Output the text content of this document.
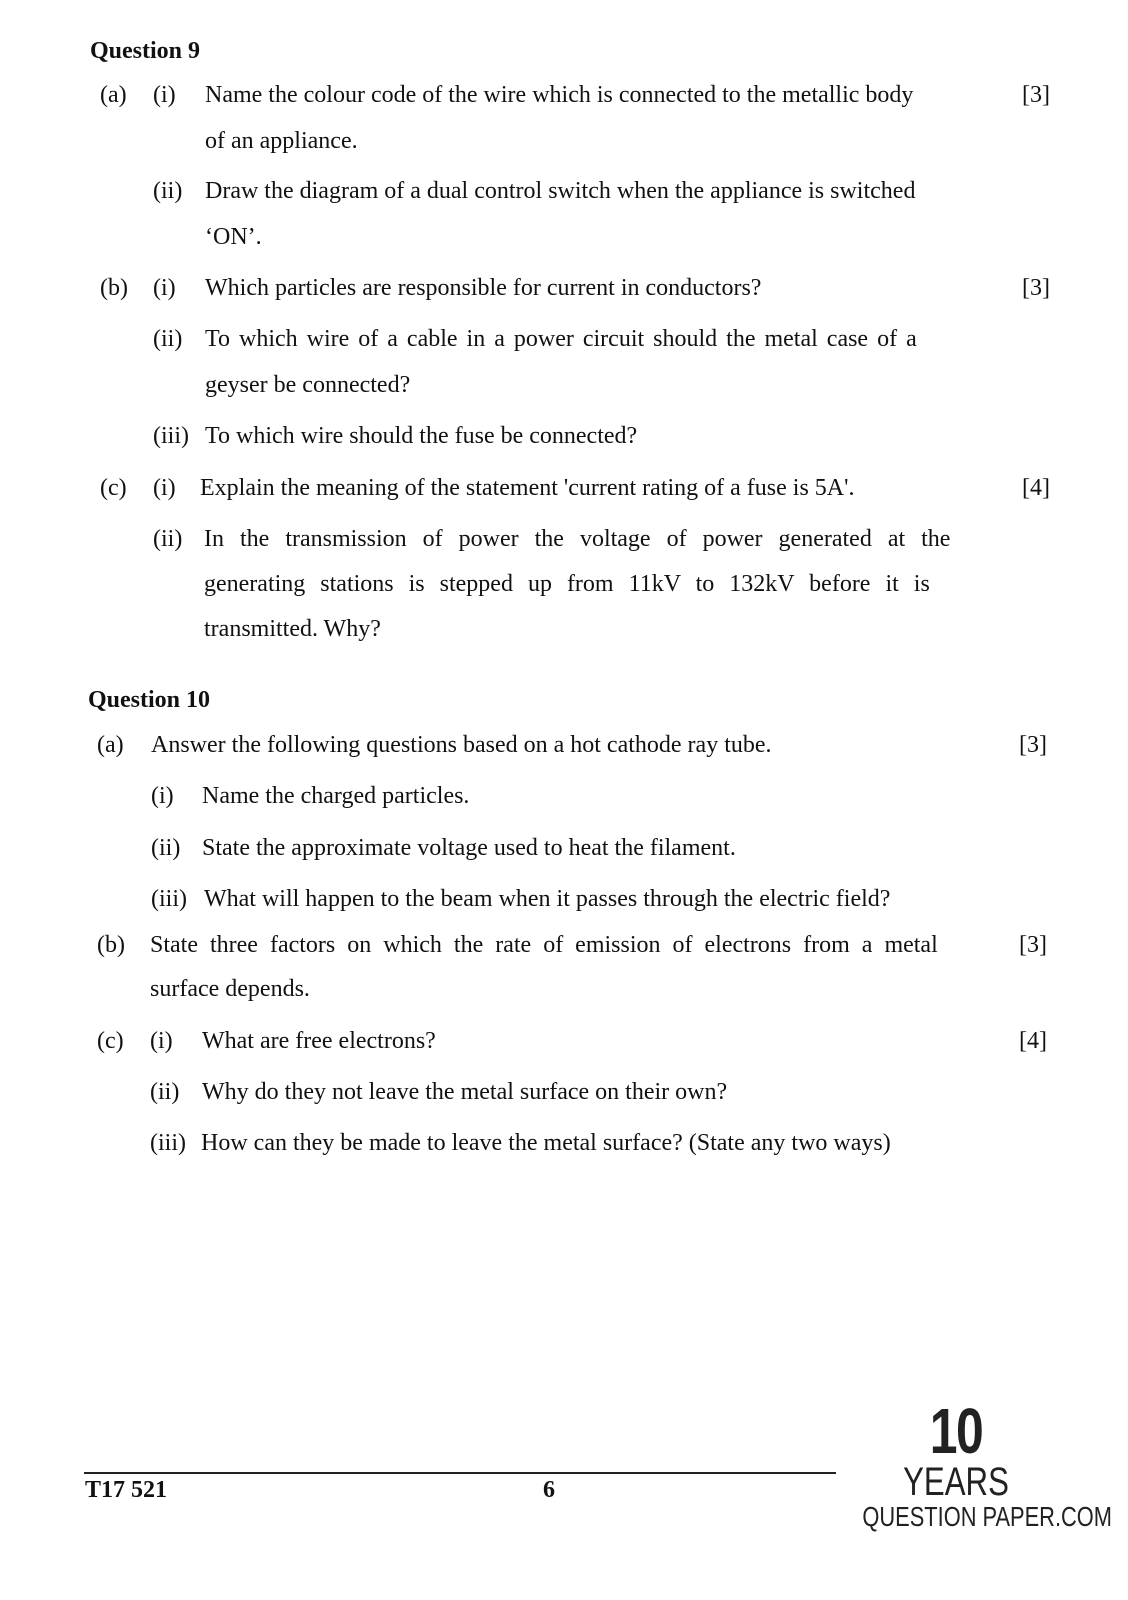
Question 9
(a) (i) Name the colour code of the wire which is connected to the metallic body	[3]
of an appliance.
(ii) Draw the diagram of a dual control switch when the appliance is switched
‘ON’.
(b) (i) Which particles are responsible for current in conductors?	[3]
(ii) To which wire of a cable in a power circuit should the metal case of a
geyser be connected?
(iii) To which wire should the fuse be connected?
(c) (i) Explain the meaning of the statement 'current rating of a fuse is 5A'.	[4]
(ii) In the transmission of power the voltage of power generated at the
generating stations is stepped up from 11kV to 132kV before it is
transmitted. Why?
Question 10
(a) Answer the following questions based on a hot cathode ray tube.	[3]
(i) Name the charged particles.
(ii) State the approximate voltage used to heat the filament.
(iii) What will happen to the beam when it passes through the electric field?
(b) State three factors on which the rate of emission of electrons from a metal	[3]
surface depends.
(c) (i) What are free electrons?	[4]
(ii) Why do they not leave the metal surface on their own?
(iii) How can they be made to leave the metal surface? (State any two ways)
T17 521	6
10
YEARS
QUESTION PAPER.COM
